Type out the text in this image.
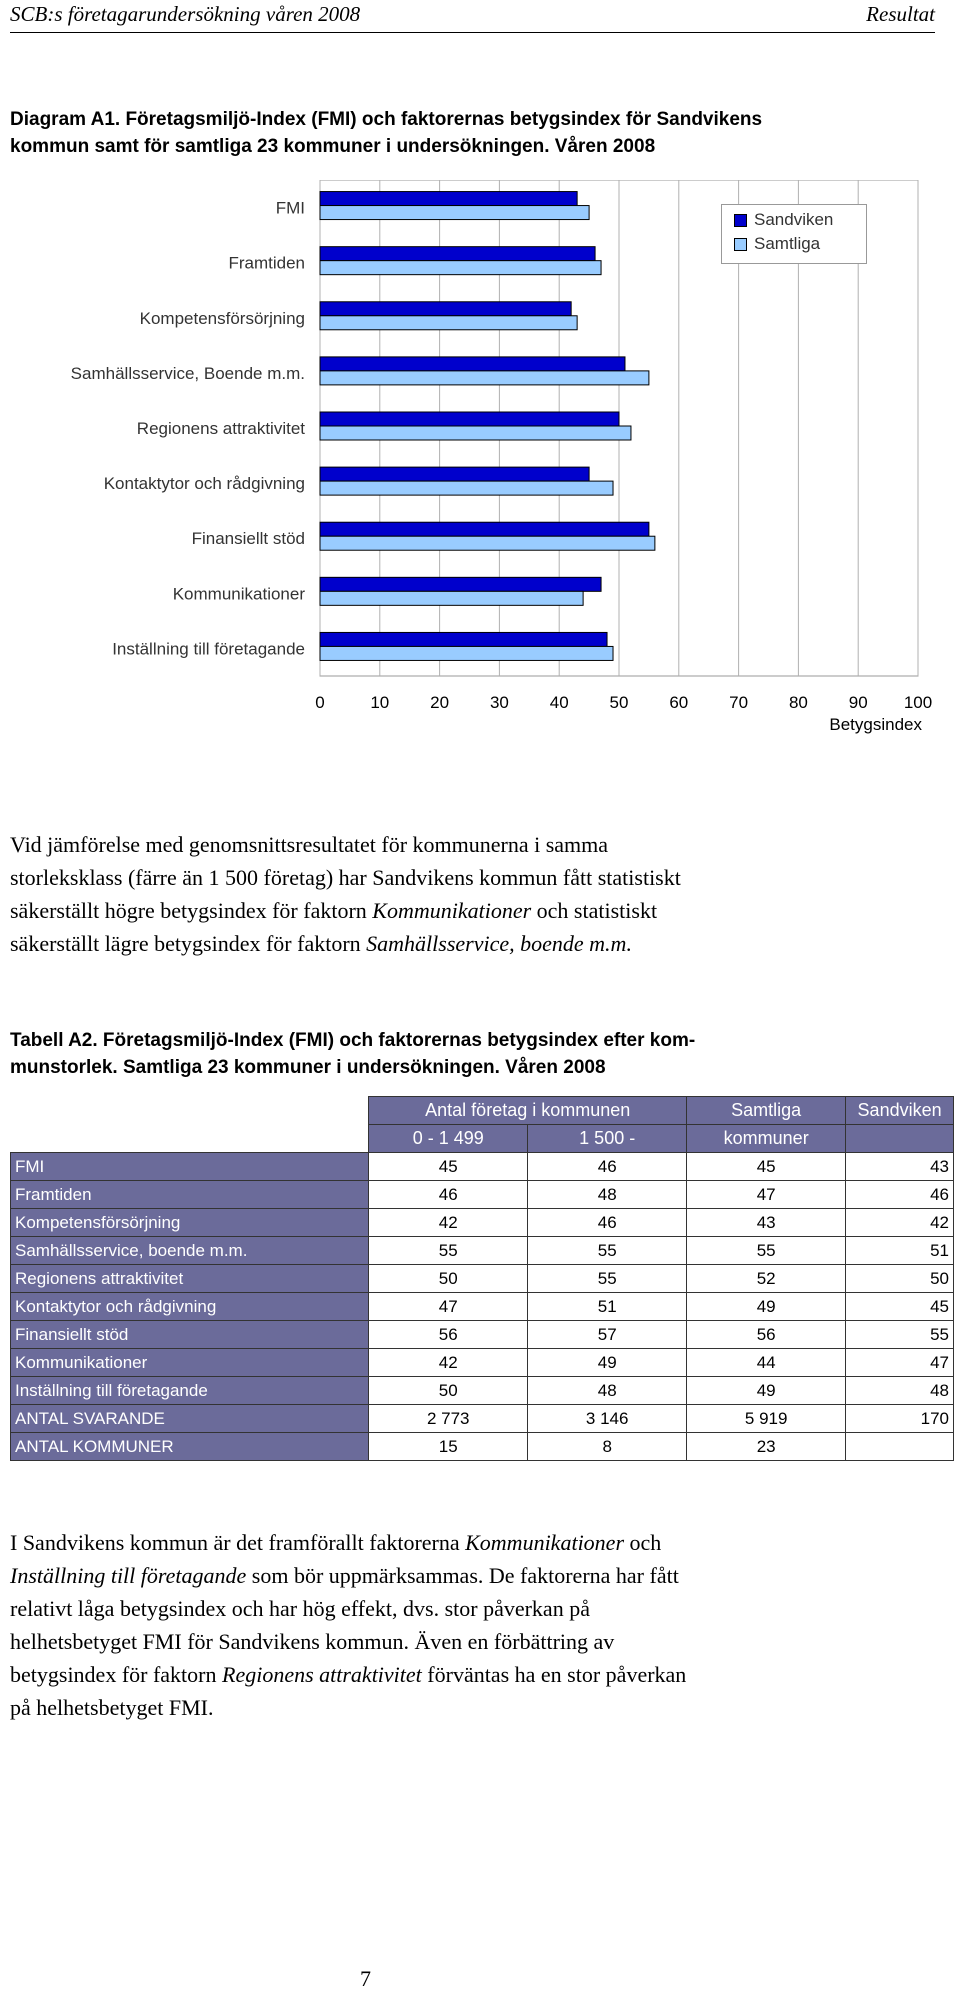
SCB:s företagarundersökning våren 2008	Resultat
Diagram A1. Företagsmiljö-Index (FMI) och faktorernas betygsindex för Sandvikens
kommun samt för samtliga 23 kommuner i undersökningen. Våren 2008
0	10 20 30 40 50 60 70 80 90 100
Betygsindex
FMI
Framtiden
Kompetensförsörjning
Samhällsservice, Boende m.m.
Regionens attraktivitet
Kontaktytor och rådgivning
Finansiellt stöd
Kommunikationer
Inställning till företagande
Sandviken
Samtliga
Vid jämförelse med genomsnittsresultatet för kommunerna i samma
storleksklass (färre än 1 500 företag) har Sandvikens kommun fått statistiskt
säkerställt högre betygsindex för faktorn Kommunikationer och statistiskt
säkerställt lägre betygsindex för faktorn Samhällsservice, boende m.m.
Tabell A2. Företagsmiljö-Index (FMI) och faktorernas betygsindex efter kom-
munstorlek. Samtliga 23 kommuner i undersökningen. Våren 2008
	Antal företag i kommunen		Samtliga	Sandviken
	0 - 1 499	1 500 -	kommuner	
FMI	45	46	45	43
Framtiden	46	48	47	46
Kompetensförsörjning	42	46	43	42
Samhällsservice, boende m.m.	55	55	55	51
Regionens attraktivitet	50	55	52	50
Kontaktytor och rådgivning	47	51	49	45
Finansiellt stöd	56	57	56	55
Kommunikationer	42	49	44	47
Inställning till företagande	50	48	49	48
ANTAL SVARANDE	2 773	3 146	5 919	170
ANTAL KOMMUNER	15	8	23	
I Sandvikens kommun är det framförallt faktorerna Kommunikationer och
Inställning till företagande som bör uppmärksammas. De faktorerna har fått
relativt låga betygsindex och har hög effekt, dvs. stor påverkan på
helhetsbetyget FMI för Sandvikens kommun. Även en förbättring av
betygsindex för faktorn Regionens attraktivitet förväntas ha en stor påverkan
på helhetsbetyget FMI.
7
